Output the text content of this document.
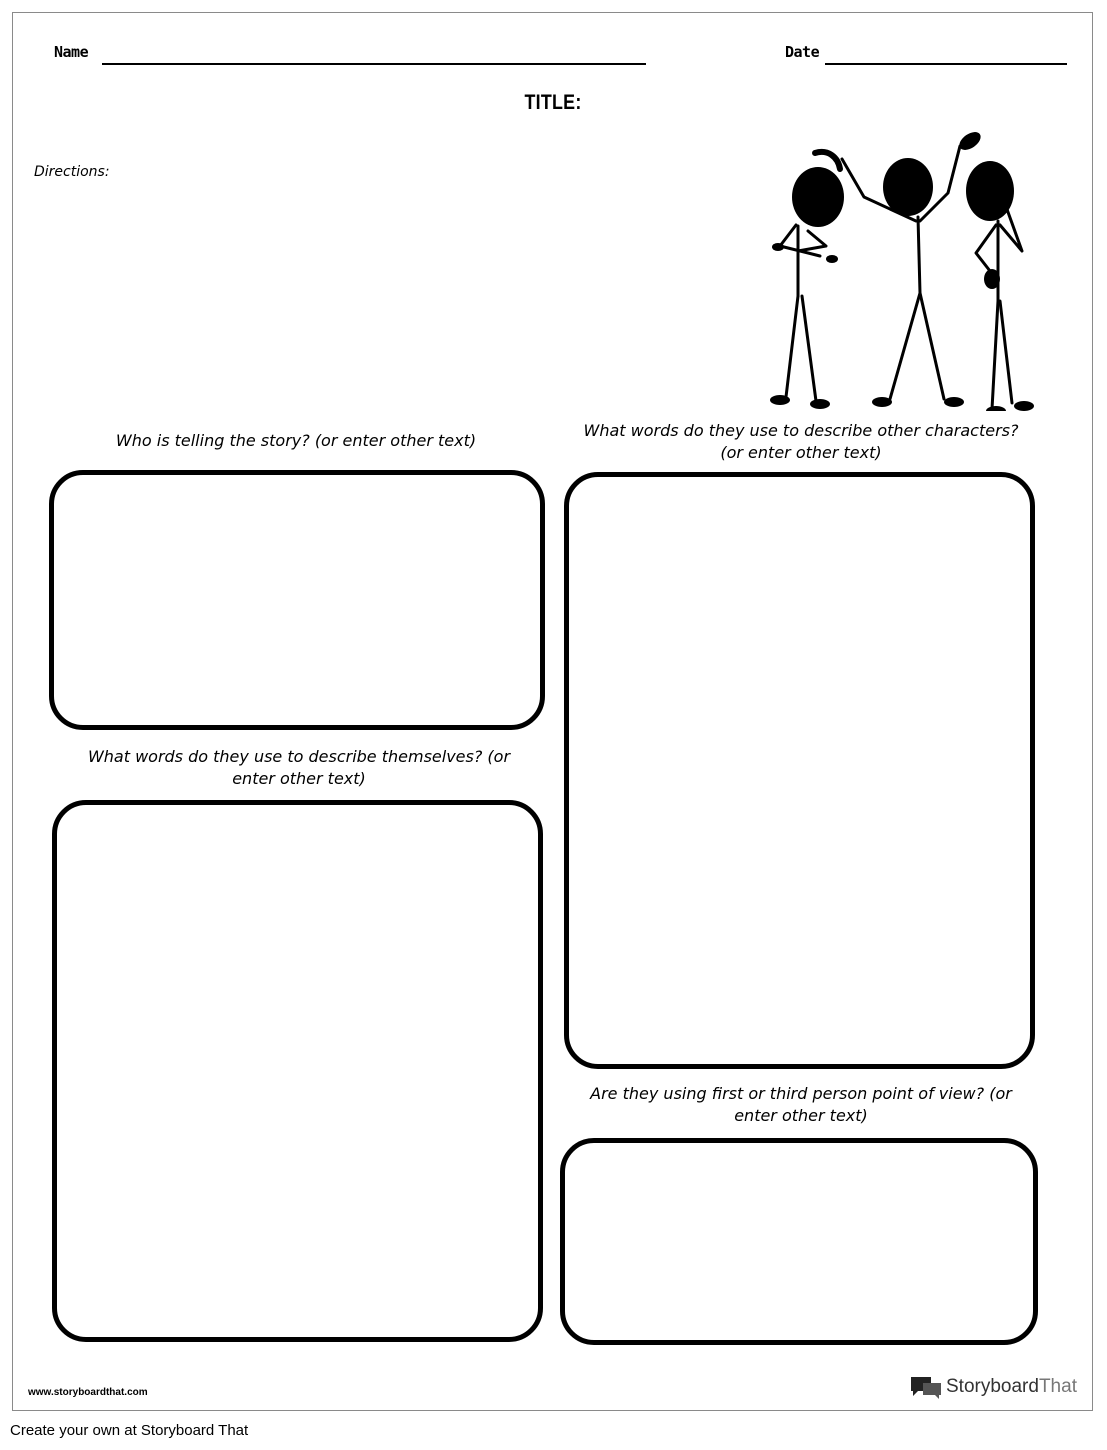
Name	Date
TITLE:
Directions:
Who is telling the story? (or enter other text)
What words do they use to describe other characters? (or enter other text)
What words do they use to describe themselves? (or enter other text)
Are they using first or third person point of view? (or enter other text)
www.storyboardthat.com	Storyboard That
Create your own at Storyboard That
